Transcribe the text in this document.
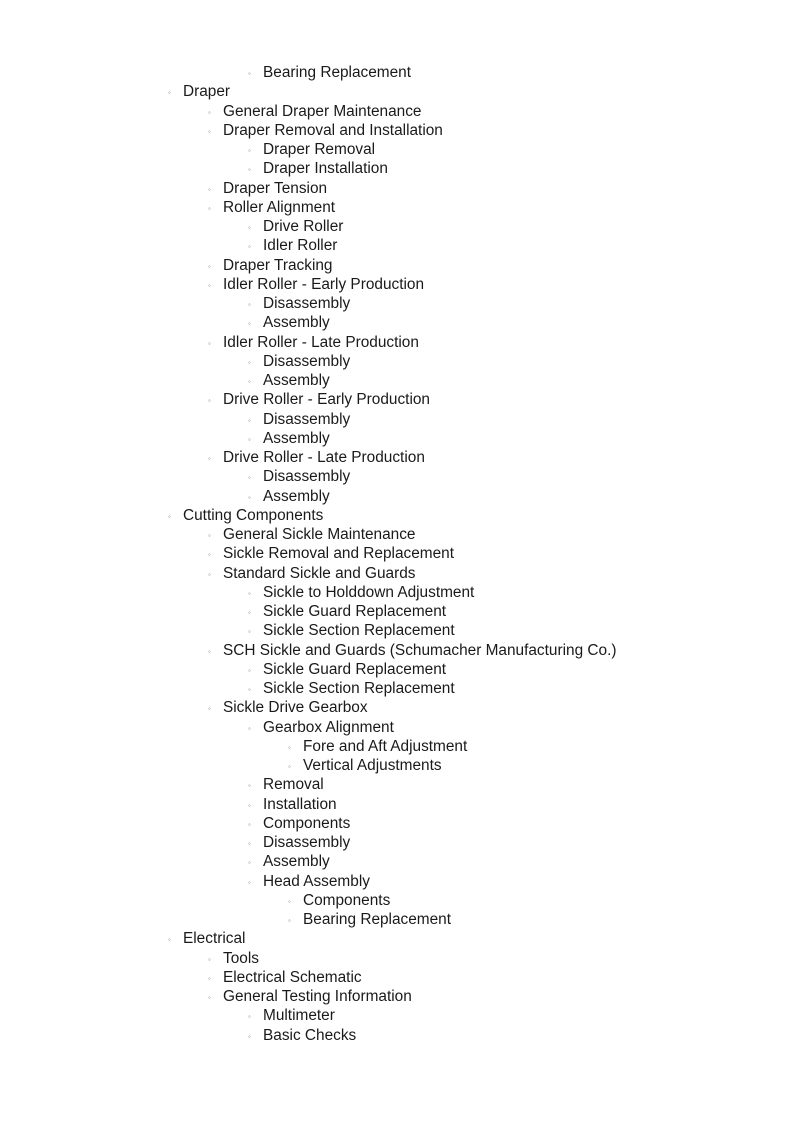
◦ Bearing Replacement
◦ Draper
◦ General Draper Maintenance
◦ Draper Removal and Installation
◦ Draper Removal
◦ Draper Installation
◦ Draper Tension
◦ Roller Alignment
◦ Drive Roller
◦ Idler Roller
◦ Draper Tracking
◦ Idler Roller - Early Production
◦ Disassembly
◦ Assembly
◦ Idler Roller - Late Production
◦ Disassembly
◦ Assembly
◦ Drive Roller - Early Production
◦ Disassembly
◦ Assembly
◦ Drive Roller - Late Production
◦ Disassembly
◦ Assembly
◦ Cutting Components
◦ General Sickle Maintenance
◦ Sickle Removal and Replacement
◦ Standard Sickle and Guards
◦ Sickle to Holddown Adjustment
◦ Sickle Guard Replacement
◦ Sickle Section Replacement
◦ SCH Sickle and Guards (Schumacher Manufacturing Co.)
◦ Sickle Guard Replacement
◦ Sickle Section Replacement
◦ Sickle Drive Gearbox
◦ Gearbox Alignment
◦ Fore and Aft Adjustment
◦ Vertical Adjustments
◦ Removal
◦ Installation
◦ Components
◦ Disassembly
◦ Assembly
◦ Head Assembly
◦ Components
◦ Bearing Replacement
◦ Electrical
◦ Tools
◦ Electrical Schematic
◦ General Testing Information
◦ Multimeter
◦ Basic Checks
